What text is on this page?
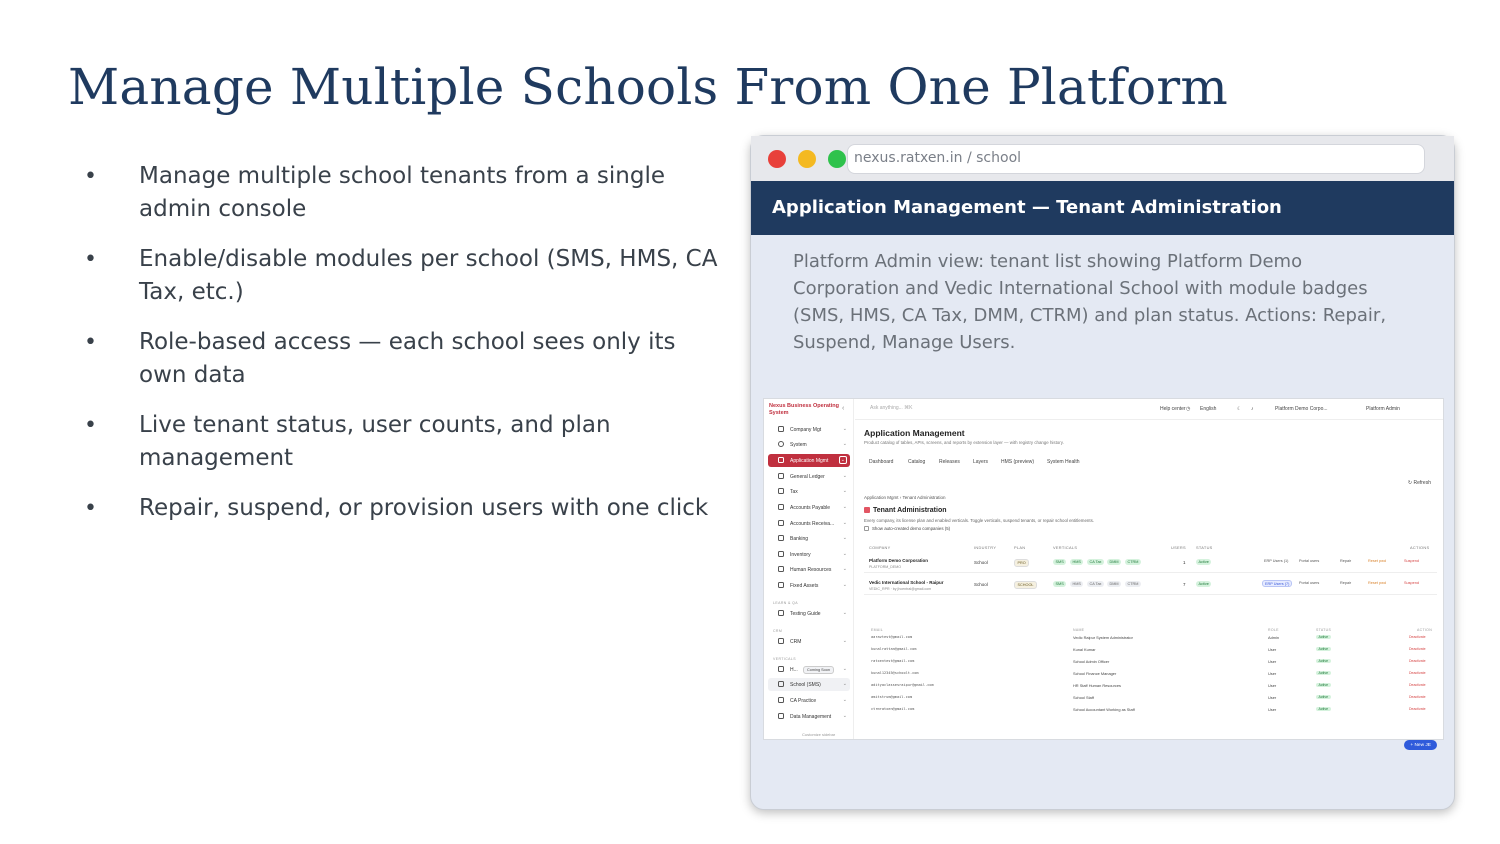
Manage Multiple Schools From One Platform
• Manage multiple school tenants from a single admin console
• Enable/disable modules per school (SMS, HMS, CA Tax, etc.)
• Role-based access — each school sees only its own data
• Live tenant status, user counts, and plan management
• Repair, suspend, or provision users with one click
nexus.ratxen.in / school
Application Management — Tenant Administration
Platform Admin view: tenant list showing Platform Demo Corporation and Vedic International School with module badges (SMS, HMS, CA Tax, DMM, CTRM) and plan status. Actions: Repair, Suspend, Manage Users.
Nexus Business Operating System
‹
Company Mgt	⌄
System	⌄
Application Mgmt	⌄
General Ledger	⌄
Tax	⌄
Accounts Payable	⌄
Accounts Receiva... ⌄
Banking	⌄
Inventory	⌄
Human Resources ⌄
Fixed Assets	⌄
LEARN & QA
Testing Guide	⌄
CRM
CRM	⌄
VERTICALS
H...	Coming Soon	⌄
School (SMS)	⌄
CA Practice	⌄
Data Management ⌄
Customize sidebar
Ask anything... ⌘K	Help center ◷ English	☾ ♪	Platform Demo Corpo...	Platform Admin
Application Management
Product catalog of tables, APIs, screens, and reports by extension layer — with registry change history.
Dashboard	Catalog	Releases	Layers	HMS (preview)	System Health
↻ Refresh
Application Mgmt › Tenant Administration
Tenant Administration
Every company, its license plan and enabled verticals. Toggle verticals, suspend tenants, or repair school entitlements.
Show auto-created demo companies (5)
COMPANY	INDUSTRY	PLAN	VERTICALS	USERS	STATUS	ACTIONS
Platform Demo Corporation
PLATFORM_DEMO
School	PRO	SMS	HMS	CA Tax	DMM	CTRM	1	Active	ERP Users (1)	Portal users	Repair	Reset pwd	Suspend
Vedic International School - Raipur
VEDIC_RPR · by jhcentral@gmail.com
School	SCHOOL	SMS	HMS	CA Tax	DMM	CTRM	7	Active	ERP Users (7)	Portal users	Repair	Reset pwd	Suspend
EMAIL	NAME	ROLE	STATUS	ACTION
aaravtest@gmail.com	Vedic Raipur System Administrator	Admin	Active	Deactivate
kunalrattan@gmail.com	Kunal Kumar	User	Active	Deactivate
ratxentest@gmail.com	School Admin Officer	User	Active	Deactivate
kunal12345@schoolt.com	School Finance Manager	User	Active	Deactivate
adityaclassesraipur@gmail.com	HR Staff Human Resources	User	Active	Deactivate
amitstrum@gmail.com	School Staff	User	Active	Deactivate
ctrmratxen@gmail.com	School Accountant Working as Staff	User	Active	Deactivate
+ New JE
